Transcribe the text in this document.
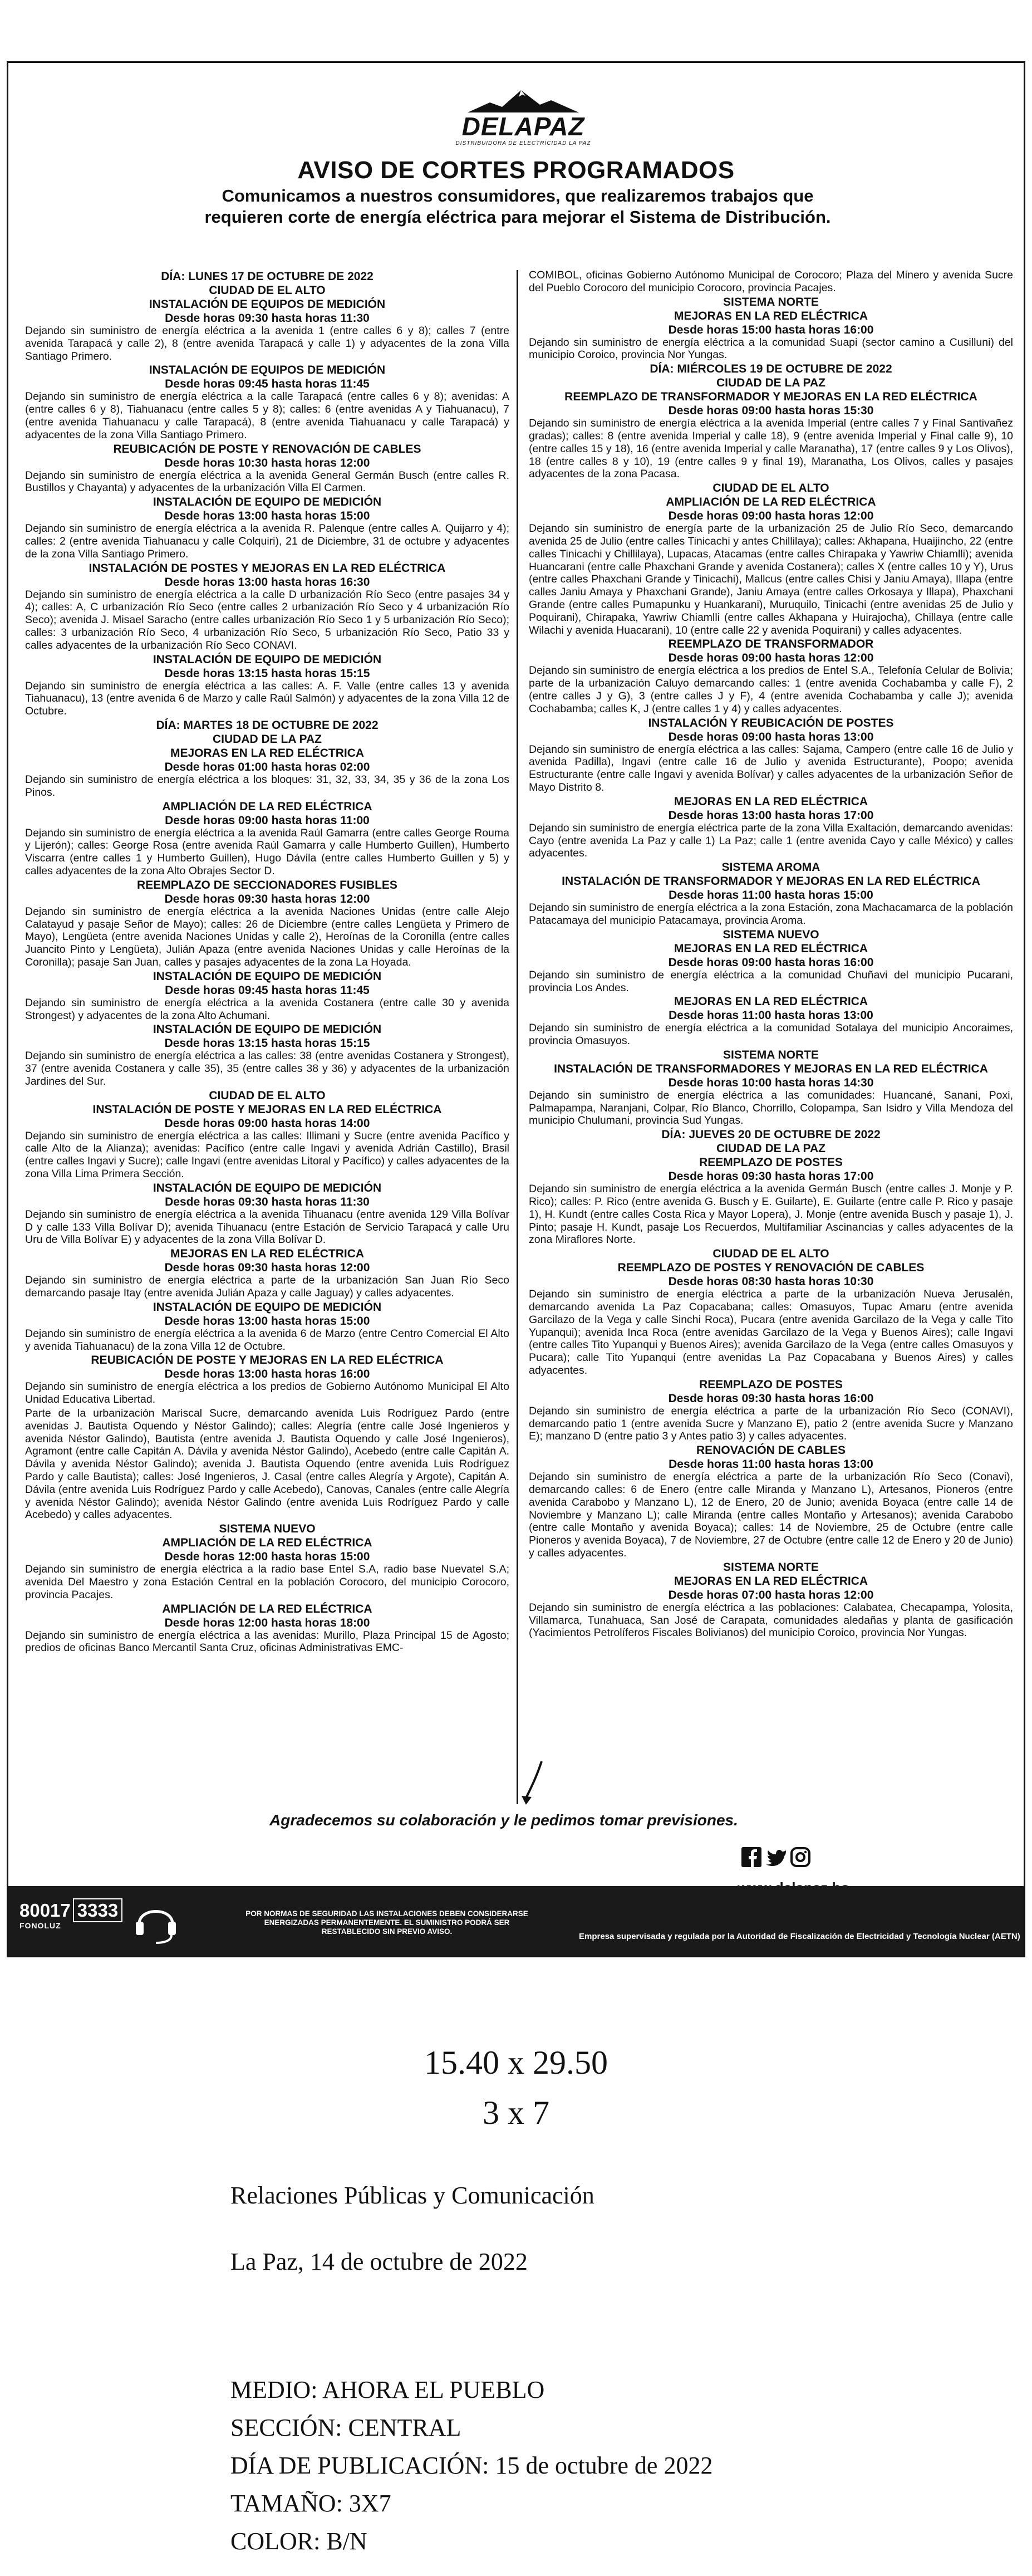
DELAPAZ
DISTRIBUIDORA DE ELECTRICIDAD LA PAZ
AVISO DE CORTES PROGRAMADOS
Comunicamos a nuestros consumidores, que realizaremos trabajos que requieren corte de energía eléctrica para mejorar el Sistema de Distribución.
DÍA: LUNES 17 DE OCTUBRE DE 2022
CIUDAD DE EL ALTO
INSTALACIÓN DE EQUIPOS DE MEDICIÓN
Desde horas 09:30 hasta horas 11:30

Dejando sin suministro de energía eléctrica a la avenida 1 (entre calles 6 y 8); calles 7 (entre avenida Tarapacá y calle 2), 8 (entre avenida Tarapacá y calle 1) y adyacentes de la zona Villa Santiago Primero.

INSTALACIÓN DE EQUIPOS DE MEDICIÓN
Desde horas 09:45 hasta horas 11:45

Dejando sin suministro de energía eléctrica a la calle Tarapacá (entre calles 6 y 8); avenidas: A (entre calles 6 y 8), Tiahuanacu (entre calles 5 y 8); calles: 6 (entre avenidas A y Tiahuanacu), 7 (entre avenida Tiahuanacu y calle Tarapacá), 8 (entre avenida Tiahuanacu y calle Tarapacá) y adyacentes de la zona Villa Santiago Primero.

REUBICACIÓN DE POSTE Y RENOVACIÓN DE CABLES
Desde horas 10:30 hasta horas 12:00

Dejando sin suministro de energía eléctrica a la avenida General Germán Busch (entre calles R. Bustillos y Chayanta) y adyacentes de la urbanización Villa El Carmen.

INSTALACIÓN DE EQUIPO DE MEDICIÓN
Desde horas 13:00 hasta horas 15:00

Dejando sin suministro de energía eléctrica a la avenida R. Palenque (entre calles A. Quijarro y 4); calles: 2 (entre avenida Tiahuanacu y calle Colquiri), 21 de Diciembre, 31 de octubre y adyacentes de la zona Villa Santiago Primero.

INSTALACIÓN DE POSTES Y MEJORAS EN LA RED ELÉCTRICA
Desde horas 13:00 hasta horas 16:30

Dejando sin suministro de energía eléctrica a la calle D urbanización Río Seco (entre pasajes 34 y 4); calles: A, C urbanización Río Seco (entre calles 2 urbanización Río Seco y 4 urbanización Río Seco); avenida J. Misael Saracho (entre calles urbanización Río Seco 1 y 5 urbanización Río Seco); calles: 3 urbanización Río Seco, 4 urbanización Río Seco, 5 urbanización Río Seco, Patio 33 y calles adyacentes de la urbanización Río Seco CONAVI.

INSTALACIÓN DE EQUIPO DE MEDICIÓN
Desde horas 13:15 hasta horas 15:15

Dejando sin suministro de energía eléctrica a las calles: A. F. Valle (entre calles 13 y avenida Tiahuanacu), 13 (entre avenida 6 de Marzo y calle Raúl Salmón) y adyacentes de la zona Villa 12 de Octubre.

DÍA: MARTES 18 DE OCTUBRE DE 2022
CIUDAD DE LA PAZ
MEJORAS EN LA RED ELÉCTRICA
Desde horas 01:00 hasta horas 02:00

Dejando sin suministro de energía eléctrica a los bloques: 31, 32, 33, 34, 35 y 36 de la zona Los Pinos.

AMPLIACIÓN DE LA RED ELÉCTRICA
Desde horas 09:00 hasta horas 11:00

Dejando sin suministro de energía eléctrica a la avenida Raúl Gamarra (entre calles George Rouma y Lijerón); calles: George Rosa (entre avenida Raúl Gamarra y calle Humberto Guillen), Humberto Viscarra (entre calles 1 y Humberto Guillen), Hugo Dávila (entre calles Humberto Guillen y 5) y calles adyacentes de la zona Alto Obrajes Sector D.

REEMPLAZO DE SECCIONADORES FUSIBLES
Desde horas 09:30 hasta horas 12:00

Dejando sin suministro de energía eléctrica a la avenida Naciones Unidas (entre calle Alejo Calatayud y pasaje Señor de Mayo); calles: 26 de Diciembre (entre calles Lengüeta y Primero de Mayo), Lengüeta (entre avenida Naciones Unidas y calle 2), Heroínas de la Coronilla (entre calles Juancito Pinto y Lengüeta), Julián Apaza (entre avenida Naciones Unidas y calle Heroínas de la Coronilla); pasaje San Juan, calles y pasajes adyacentes de la zona La Hoyada.

INSTALACIÓN DE EQUIPO DE MEDICIÓN
Desde horas 09:45 hasta horas 11:45

Dejando sin suministro de energía eléctrica a la avenida Costanera (entre calle 30 y avenida Strongest) y adyacentes de la zona Alto Achumani.

INSTALACIÓN DE EQUIPO DE MEDICIÓN
Desde horas 13:15 hasta horas 15:15

Dejando sin suministro de energía eléctrica a las calles: 38 (entre avenidas Costanera y Strongest), 37 (entre avenida Costanera y calle 35), 35 (entre calles 38 y 36) y adyacentes de la urbanización Jardines del Sur.

CIUDAD DE EL ALTO
INSTALACIÓN DE POSTE Y MEJORAS EN LA RED ELÉCTRICA
Desde horas 09:00 hasta horas 14:00

Dejando sin suministro de energía eléctrica a las calles: Illimani y Sucre (entre avenida Pacífico y calle Alto de la Alianza); avenidas: Pacífico (entre calle Ingavi y avenida Adrián Castillo), Brasil (entre calles Ingavi y Sucre); calle Ingavi (entre avenidas Litoral y Pacífico) y calles adyacentes de la zona Villa Lima Primera Sección.

INSTALACIÓN DE EQUIPO DE MEDICIÓN
Desde horas 09:30 hasta horas 11:30

Dejando sin suministro de energía eléctrica a la avenida Tihuanacu (entre avenida 129 Villa Bolívar D y calle 133 Villa Bolívar D); avenida Tihuanacu (entre Estación de Servicio Tarapacá y calle Uru Uru de Villa Bolívar E) y adyacentes de la zona Villa Bolívar D.

MEJORAS EN LA RED ELÉCTRICA
Desde horas 09:30 hasta horas 12:00

Dejando sin suministro de energía eléctrica a parte de la urbanización San Juan Río Seco demarcando pasaje Itay (entre avenida Julián Apaza y calle Jaguay) y calles adyacentes.

INSTALACIÓN DE EQUIPO DE MEDICIÓN
Desde horas 13:00 hasta horas 15:00

Dejando sin suministro de energía eléctrica a la avenida 6 de Marzo (entre Centro Comercial El Alto y avenida Tiahuanacu) de la zona Villa 12 de Octubre.

REUBICACIÓN DE POSTE Y MEJORAS EN LA RED ELÉCTRICA
Desde horas 13:00 hasta horas 16:00

Dejando sin suministro de energía eléctrica a los predios de Gobierno Autónomo Municipal El Alto Unidad Educativa Libertad.

Parte de la urbanización Mariscal Sucre, demarcando avenida Luis Rodríguez Pardo (entre avenidas J. Bautista Oquendo y Néstor Galindo); calles: Alegría (entre calle José Ingenieros y avenida Néstor Galindo), Bautista (entre avenida J. Bautista Oquendo y calle José Ingenieros), Agramont (entre calle Capitán A. Dávila y avenida Néstor Galindo), Acebedo (entre calle Capitán A. Dávila y avenida Néstor Galindo); avenida J. Bautista Oquendo (entre avenida Luis Rodríguez Pardo y calle Bautista); calles: José Ingenieros, J. Casal (entre calles Alegría y Argote), Capitán A. Dávila (entre avenida Luis Rodríguez Pardo y calle Acebedo), Canovas, Canales (entre calle Alegría y avenida Néstor Galindo); avenida Néstor Galindo (entre avenida Luis Rodríguez Pardo y calle Acebedo) y calles adyacentes.

SISTEMA NUEVO
AMPLIACIÓN DE LA RED ELÉCTRICA
Desde horas 12:00 hasta horas 15:00

Dejando sin suministro de energía eléctrica a la radio base Entel S.A, radio base Nuevatel S.A; avenida Del Maestro y zona Estación Central en la población Corocoro, del municipio Corocoro, provincia Pacajes.

AMPLIACIÓN DE LA RED ELÉCTRICA
Desde horas 12:00 hasta horas 18:00

Dejando sin suministro de energía eléctrica a las avenidas: Murillo, Plaza Principal 15 de Agosto; predios de oficinas Banco Mercantil Santa Cruz, oficinas Administrativas EMC-

COMIBOL, oficinas Gobierno Autónomo Municipal de Corocoro; Plaza del Minero y avenida Sucre del Pueblo Corocoro del municipio Corocoro, provincia Pacajes.

SISTEMA NORTE
MEJORAS EN LA RED ELÉCTRICA
Desde horas 15:00 hasta horas 16:00

Dejando sin suministro de energía eléctrica a la comunidad Suapi (sector camino a Cusilluni) del municipio Coroico, provincia Nor Yungas.

DÍA: MIÉRCOLES 19 DE OCTUBRE DE 2022
CIUDAD DE LA PAZ
REEMPLAZO DE TRANSFORMADOR Y MEJORAS EN LA RED ELÉCTRICA
Desde horas 09:00 hasta horas 15:30

Dejando sin suministro de energía eléctrica a la avenida Imperial (entre calles 7 y Final Santivañez gradas); calles: 8 (entre avenida Imperial y calle 18), 9 (entre avenida Imperial y Final calle 9), 10 (entre calles 15 y 18), 16 (entre avenida Imperial y calle Maranatha), 17 (entre calles 9 y Los Olivos), 18 (entre calles 8 y 10), 19 (entre calles 9 y final 19), Maranatha, Los Olivos, calles y pasajes adyacentes de la zona Pacasa.

CIUDAD DE EL ALTO
AMPLIACIÓN DE LA RED ELÉCTRICA
Desde horas 09:00 hasta horas 12:00

Dejando sin suministro de energía parte de la urbanización 25 de Julio Río Seco, demarcando avenida 25 de Julio (entre calles Tinicachi y antes Chillilaya); calles: Akhapana, Huaijincho, 22 (entre calles Tinicachi y Chillilaya), Lupacas, Atacamas (entre calles Chirapaka y Yawriw Chiamlli); avenida Huancarani (entre calle Phaxchani Grande y avenida Costanera); calles X (entre calles 10 y Y), Urus (entre calles Phaxchani Grande y Tinicachi), Mallcus (entre calles Chisi y Janiu Amaya), Illapa (entre calles Janiu Amaya y Phaxchani Grande), Janiu Amaya (entre calles Orkosaya y Illapa), Phaxchani Grande (entre calles Pumapunku y Huankarani), Muruquilo, Tinicachi (entre avenidas 25 de Julio y Poquirani), Chirapaka, Yawriw Chiamlli (entre calles Akhapana y Huirajocha), Chillaya (entre calle Wilachi y avenida Huacarani), 10 (entre calle 22 y avenida Poquirani) y calles adyacentes.

REEMPLAZO DE TRANSFORMADOR
Desde horas 09:00 hasta horas 12:00

Dejando sin suministro de energía eléctrica a los predios de Entel S.A., Telefonía Celular de Bolivia; parte de la urbanización Caluyo demarcando calles: 1 (entre avenida Cochabamba y calle F), 2 (entre calles J y G), 3 (entre calles J y F), 4 (entre avenida Cochabamba y calle J); avenida Cochabamba; calles K, J (entre calles 1 y 4) y calles adyacentes.

INSTALACIÓN Y REUBICACIÓN DE POSTES
Desde horas 09:00 hasta horas 13:00

Dejando sin suministro de energía eléctrica a las calles: Sajama, Campero (entre calle 16 de Julio y avenida Padilla), Ingavi (entre calle 16 de Julio y avenida Estructurante), Poopo; avenida Estructurante (entre calle Ingavi y avenida Bolívar) y calles adyacentes de la urbanización Señor de Mayo Distrito 8.

MEJORAS EN LA RED ELÉCTRICA
Desde horas 13:00 hasta horas 17:00

Dejando sin suministro de energía eléctrica parte de la zona Villa Exaltación, demarcando avenidas: Cayo (entre avenida La Paz y calle 1) La Paz; calle 1 (entre avenida Cayo y calle México) y calles adyacentes.

SISTEMA AROMA
INSTALACIÓN DE TRANSFORMADOR Y MEJORAS EN LA RED ELÉCTRICA
Desde horas 11:00 hasta horas 15:00

Dejando sin suministro de energía eléctrica a la zona Estación, zona Machacamarca de la población Patacamaya del municipio Patacamaya, provincia Aroma.

SISTEMA NUEVO
MEJORAS EN LA RED ELÉCTRICA
Desde horas 09:00 hasta horas 16:00

Dejando sin suministro de energía eléctrica a la comunidad Chuñavi del municipio Pucarani, provincia Los Andes.

MEJORAS EN LA RED ELÉCTRICA
Desde horas 11:00 hasta horas 13:00

Dejando sin suministro de energía eléctrica a la comunidad Sotalaya del municipio Ancoraimes, provincia Omasuyos.

SISTEMA NORTE
INSTALACIÓN DE TRANSFORMADORES Y MEJORAS EN LA RED ELÉCTRICA
Desde horas 10:00 hasta horas 14:30

Dejando sin suministro de energía eléctrica a las comunidades: Huancané, Sanani, Poxi, Palmapampa, Naranjani, Colpar, Río Blanco, Chorrillo, Colopampa, San Isidro y Villa Mendoza del municipio Chulumani, provincia Sud Yungas.

DÍA: JUEVES 20 DE OCTUBRE DE 2022
CIUDAD DE LA PAZ
REEMPLAZO DE POSTES
Desde horas 09:30 hasta horas 17:00

Dejando sin suministro de energía eléctrica a la avenida Germán Busch (entre calles J. Monje y P. Rico); calles: P. Rico (entre avenida G. Busch y E. Guilarte), E. Guilarte (entre calle P. Rico y pasaje 1), H. Kundt (entre calles Costa Rica y Mayor Lopera), J. Monje (entre avenida Busch y pasaje 1), J. Pinto; pasaje H. Kundt, pasaje Los Recuerdos, Multifamiliar Ascinancias y calles adyacentes de la zona Miraflores Norte.

CIUDAD DE EL ALTO
REEMPLAZO DE POSTES Y RENOVACIÓN DE CABLES
Desde horas 08:30 hasta horas 10:30

Dejando sin suministro de energía eléctrica a parte de la urbanización Nueva Jerusalén, demarcando avenida La Paz Copacabana; calles: Omasuyos, Tupac Amaru (entre avenida Garcilazo de la Vega y calle Sinchi Roca), Pucara (entre avenida Garcilazo de la Vega y calle Tito Yupanqui); avenida Inca Roca (entre avenidas Garcilazo de la Vega y Buenos Aires); calle Ingavi (entre calles Tito Yupanqui y Buenos Aires); avenida Garcilazo de la Vega (entre calles Omasuyos y Pucara); calle Tito Yupanqui (entre avenidas La Paz Copacabana y Buenos Aires) y calles adyacentes.

REEMPLAZO DE POSTES
Desde horas 09:30 hasta horas 16:00

Dejando sin suministro de energía eléctrica a parte de la urbanización Río Seco (CONAVI), demarcando patio 1 (entre avenida Sucre y Manzano E), patio 2 (entre avenida Sucre y Manzano E); manzano D (entre patio 3 y Antes patio 3) y calles adyacentes.

RENOVACIÓN DE CABLES
Desde horas 11:00 hasta horas 13:00

Dejando sin suministro de energía eléctrica a parte de la urbanización Río Seco (Conavi), demarcando calles: 6 de Enero (entre calle Miranda y Manzano L), Artesanos, Pioneros (entre avenida Carabobo y Manzano L), 12 de Enero, 20 de Junio; avenida Boyaca (entre calle 14 de Noviembre y Manzano L); calle Miranda (entre calles Montaño y Artesanos); avenida Carabobo (entre calle Montaño y avenida Boyaca); calles: 14 de Noviembre, 25 de Octubre (entre calle Pioneros y avenida Boyaca), 7 de Noviembre, 27 de Octubre (entre calle 12 de Enero y 20 de Junio) y calles adyacentes.

SISTEMA NORTE
MEJORAS EN LA RED ELÉCTRICA
Desde horas 07:00 hasta horas 12:00

Dejando sin suministro de energía eléctrica a las poblaciones: Calabatea, Checapampa, Yolosita, Villamarca, Tunahuaca, San José de Carapata, comunidades aledañas y planta de gasificación (Yacimientos Petrolíferos Fiscales Bolivianos) del municipio Coroico, provincia Nor Yungas.

Agradecemos su colaboración y le pedimos tomar previsiones.
80017 3333
FONOLUZ
POR NORMAS DE SEGURIDAD LAS INSTALACIONES DEBEN CONSIDERARSE ENERGIZADAS PERMANENTEMENTE. EL SUMINISTRO PODRÁ SER RESTABLECIDO SIN PREVIO AVISO.
Empresa supervisada y regulada por la Autoridad de Fiscalización de Electricidad y Tecnología Nuclear (AETN)
15.40 x 29.50
3 x 7
Relaciones Públicas y Comunicación
La Paz, 14 de octubre de 2022
MEDIO: AHORA EL PUEBLO
SECCIÓN: CENTRAL
DÍA DE PUBLICACIÓN: 15 de octubre de 2022
TAMAÑO: 3X7
COLOR: B/N
